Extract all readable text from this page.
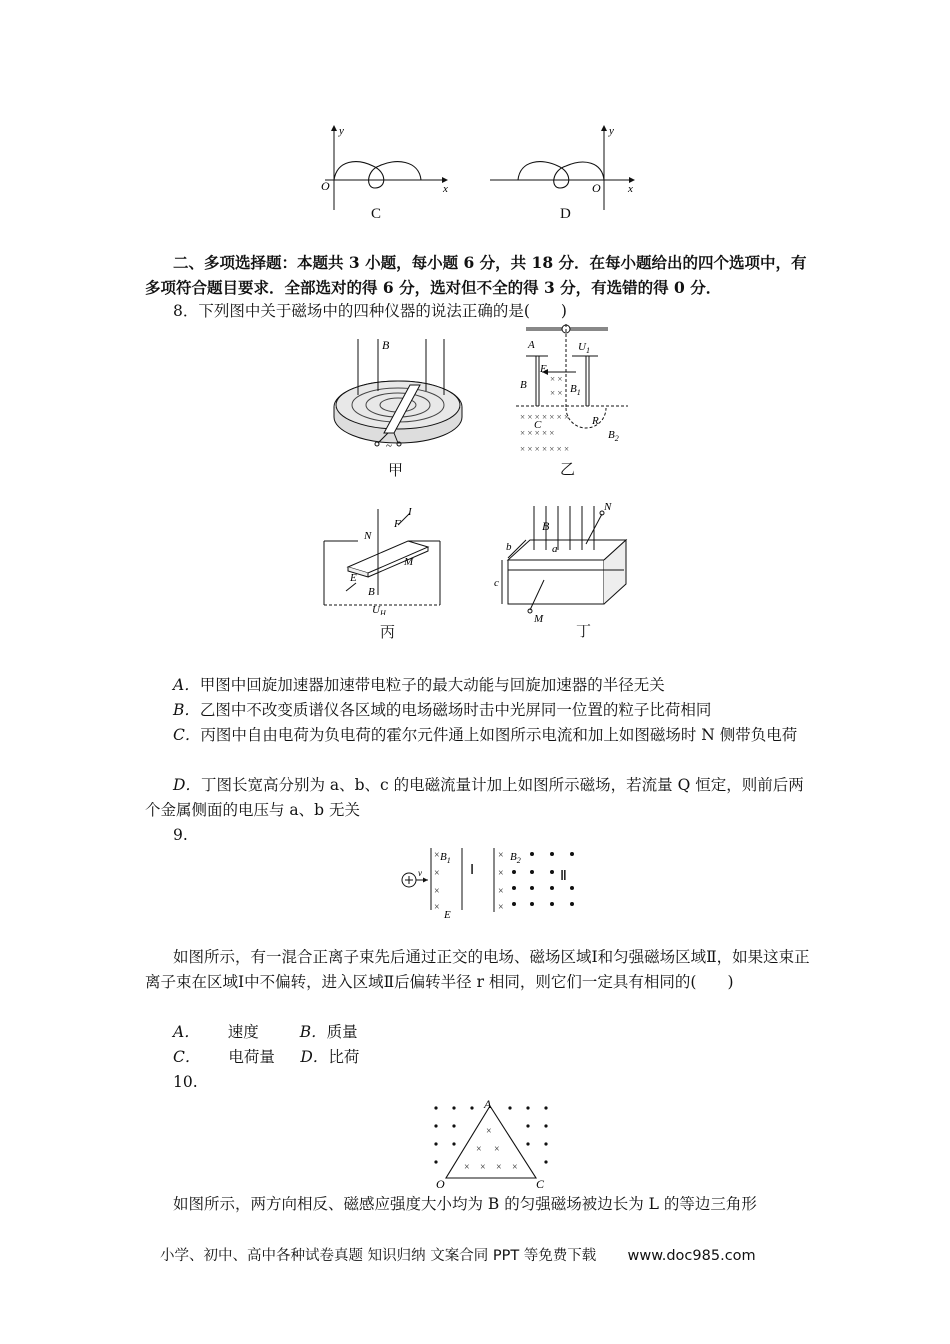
y
O	x
C
y
O x
D
二、多项选择题：本题共 3 小题，每小题 6 分，共 18 分．在每小题给出的四个选项中，有多项符合题目要求．全部选对的得 6 分，选对但不全的得 3 分，有选错的得 0 分．
8．下列图中关于磁场中的四种仪器的说法正确的是(　　)
B
~
甲
× ×
× ×
× × × × × × ×
× × × × ×
× × × × × × ×
A	$U_1$
E
B	$B_1$
C	R
$B_2$
乙
I
F
N
M
E
B
$U_H$
丙
N
B
a
b
c
M
丁
A．甲图中回旋加速器加速带电粒子的最大动能与回旋加速器的半径无关
B．乙图中不改变质谱仪各区域的电场磁场时击中光屏同一位置的粒子比荷相同
C．丙图中自由电荷为负电荷的霍尔元件通上如图所示电流和加上如图磁场时 N 侧带负电荷
D．丁图长宽高分别为 a、b、c 的电磁流量计加上如图所示磁场，若流量 Q 恒定，则前后两个金属侧面的电压与 a、b 无关
9.
×
×
×
×
×
×
×
×
v
$B_1$
E
Ⅰ
$B_2$
Ⅱ
如图所示，有一混合正离子束先后通过正交的电场、磁场区域Ⅰ和匀强磁场区域Ⅱ，如果这束正离子束在区域Ⅰ中不偏转，进入区域Ⅱ后偏转半径 r 相同，则它们一定具有相同的(　　)
A． 速度	B．质量
C． 电荷量 D．比荷
10.
×
× ×
× × × ×
A
O	C
如图所示，两方向相反、磁感应强度大小均为 B 的匀强磁场被边长为 L 的等边三角形
小学、初中、高中各种试卷真题 知识归纳 文案合同 PPT 等免费下载 www.doc985.com
